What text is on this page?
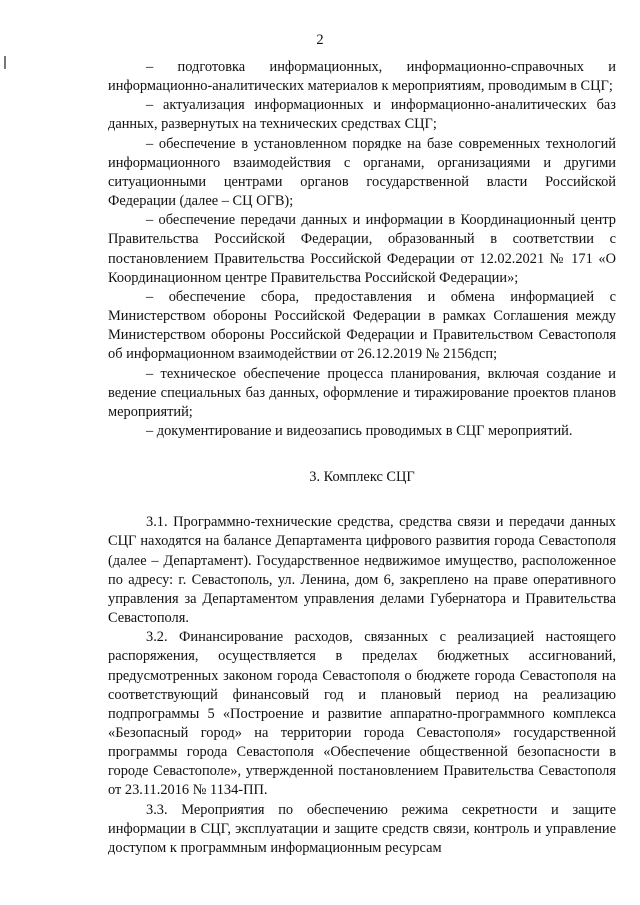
2

– подготовка информационных, информационно-справочных и информационно-аналитических материалов к мероприятиям, проводимым в СЦГ;

– актуализация информационных и информационно-аналитических баз данных, развернутых на технических средствах СЦГ;

– обеспечение в установленном порядке на базе современных технологий информационного взаимодействия с органами, организациями и другими ситуационными центрами органов государственной власти Российской Федерации (далее – СЦ ОГВ);

– обеспечение передачи данных и информации в Координационный центр Правительства Российской Федерации, образованный в соответствии с постановлением Правительства Российской Федерации от 12.02.2021 № 171 «О Координационном центре Правительства Российской Федерации»;

– обеспечение сбора, предоставления и обмена информацией с Министерством обороны Российской Федерации в рамках Соглашения между Министерством обороны Российской Федерации и Правительством Севастополя об информационном взаимодействии от 26.12.2019 № 2156дсп;

– техническое обеспечение процесса планирования, включая создание и ведение специальных баз данных, оформление и тиражирование проектов планов мероприятий;

– документирование и видеозапись проводимых в СЦГ мероприятий.

3. Комплекс СЦГ

3.1. Программно-технические средства, средства связи и передачи данных СЦГ находятся на балансе Департамента цифрового развития города Севастополя (далее – Департамент). Государственное недвижимое имущество, расположенное по адресу: г. Севастополь, ул. Ленина, дом 6, закреплено на праве оперативного управления за Департаментом управления делами Губернатора и Правительства Севастополя.

3.2. Финансирование расходов, связанных с реализацией настоящего распоряжения, осуществляется в пределах бюджетных ассигнований, предусмотренных законом города Севастополя о бюджете города Севастополя на соответствующий финансовый год и плановый период на реализацию подпрограммы 5 «Построение и развитие аппаратно-программного комплекса «Безопасный город» на территории города Севастополя» государственной программы города Севастополя «Обеспечение общественной безопасности в городе Севастополе», утвержденной постановлением Правительства Севастополя от 23.11.2016 № 1134-ПП.

3.3. Мероприятия по обеспечению режима секретности и защите информации в СЦГ, эксплуатации и защите средств связи, контроль и управление доступом к программным информационным ресурсам
